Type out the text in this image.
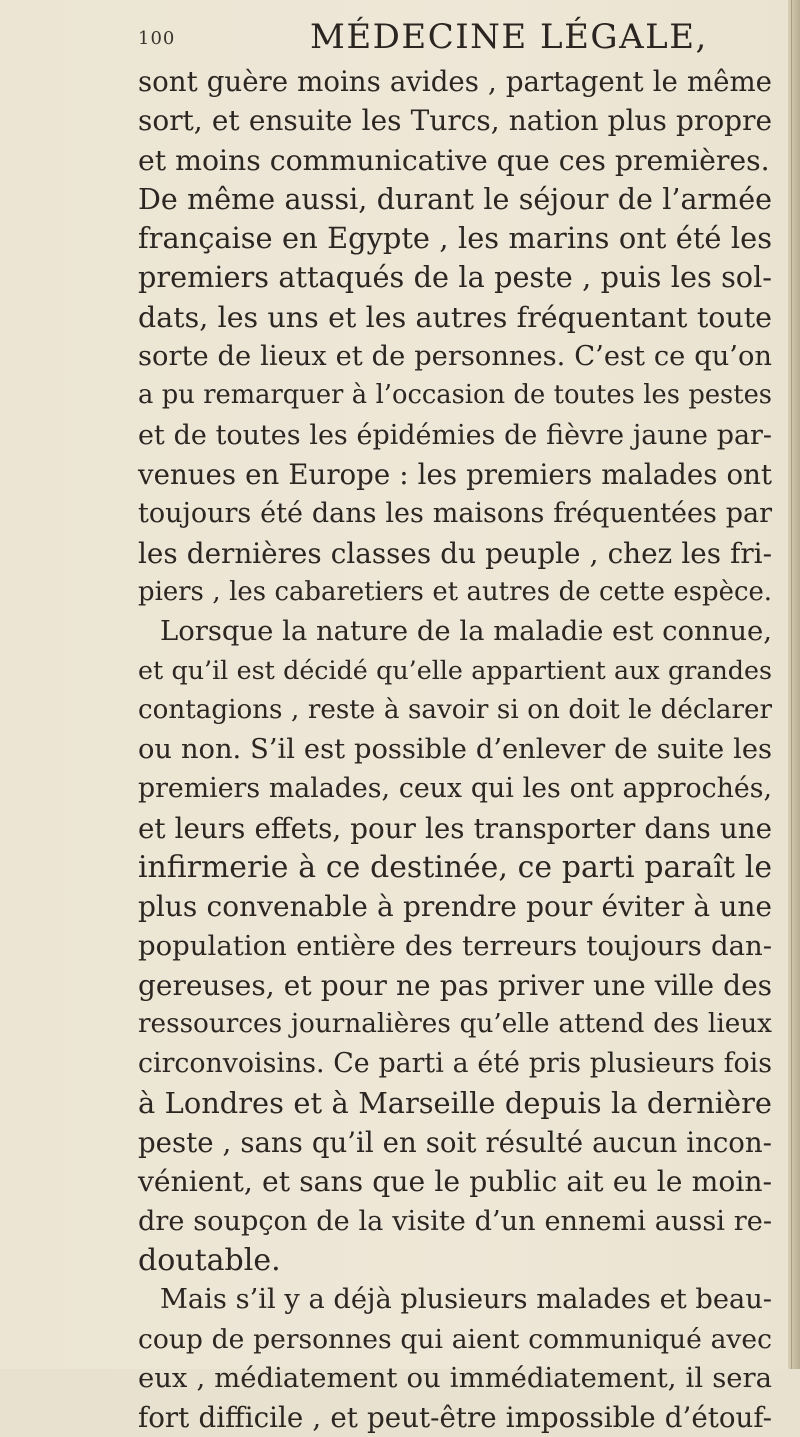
100	MÉDECINE LÉGALE,
sont guère moins avides , partagent le même
sort, et ensuite les Turcs, nation plus propre
et moins communicative que ces premières.
De même aussi, durant le séjour de l’armée
française en Egypte , les marins ont été les
premiers attaqués de la peste , puis les sol-
dats, les uns et les autres fréquentant toute
sorte de lieux et de personnes. C’est ce qu’on
a pu remarquer à l’occasion de toutes les pestes
et de toutes les épidémies de fièvre jaune par-
venues en Europe : les premiers malades ont
toujours été dans les maisons fréquentées par
les dernières classes du peuple , chez les fri-
piers , les cabaretiers et autres de cette espèce.
Lorsque la nature de la maladie est connue,
et qu’il est décidé qu’elle appartient aux grandes
contagions , reste à savoir si on doit le déclarer
ou non. S’il est possible d’enlever de suite les
premiers malades, ceux qui les ont approchés,
et leurs effets, pour les transporter dans une
infirmerie à ce destinée, ce parti paraît le
plus convenable à prendre pour éviter à une
population entière des terreurs toujours dan-
gereuses, et pour ne pas priver une ville des
ressources journalières qu’elle attend des lieux
circonvoisins. Ce parti a été pris plusieurs fois
à Londres et à Marseille depuis la dernière
peste , sans qu’il en soit résulté aucun incon-
vénient, et sans que le public ait eu le moin-
dre soupçon de la visite d’un ennemi aussi re-
doutable.
Mais s’il y a déjà plusieurs malades et beau-
coup de personnes qui aient communiqué avec
eux , médiatement ou immédiatement, il sera
fort difficile , et peut-être impossible d’étouf-
